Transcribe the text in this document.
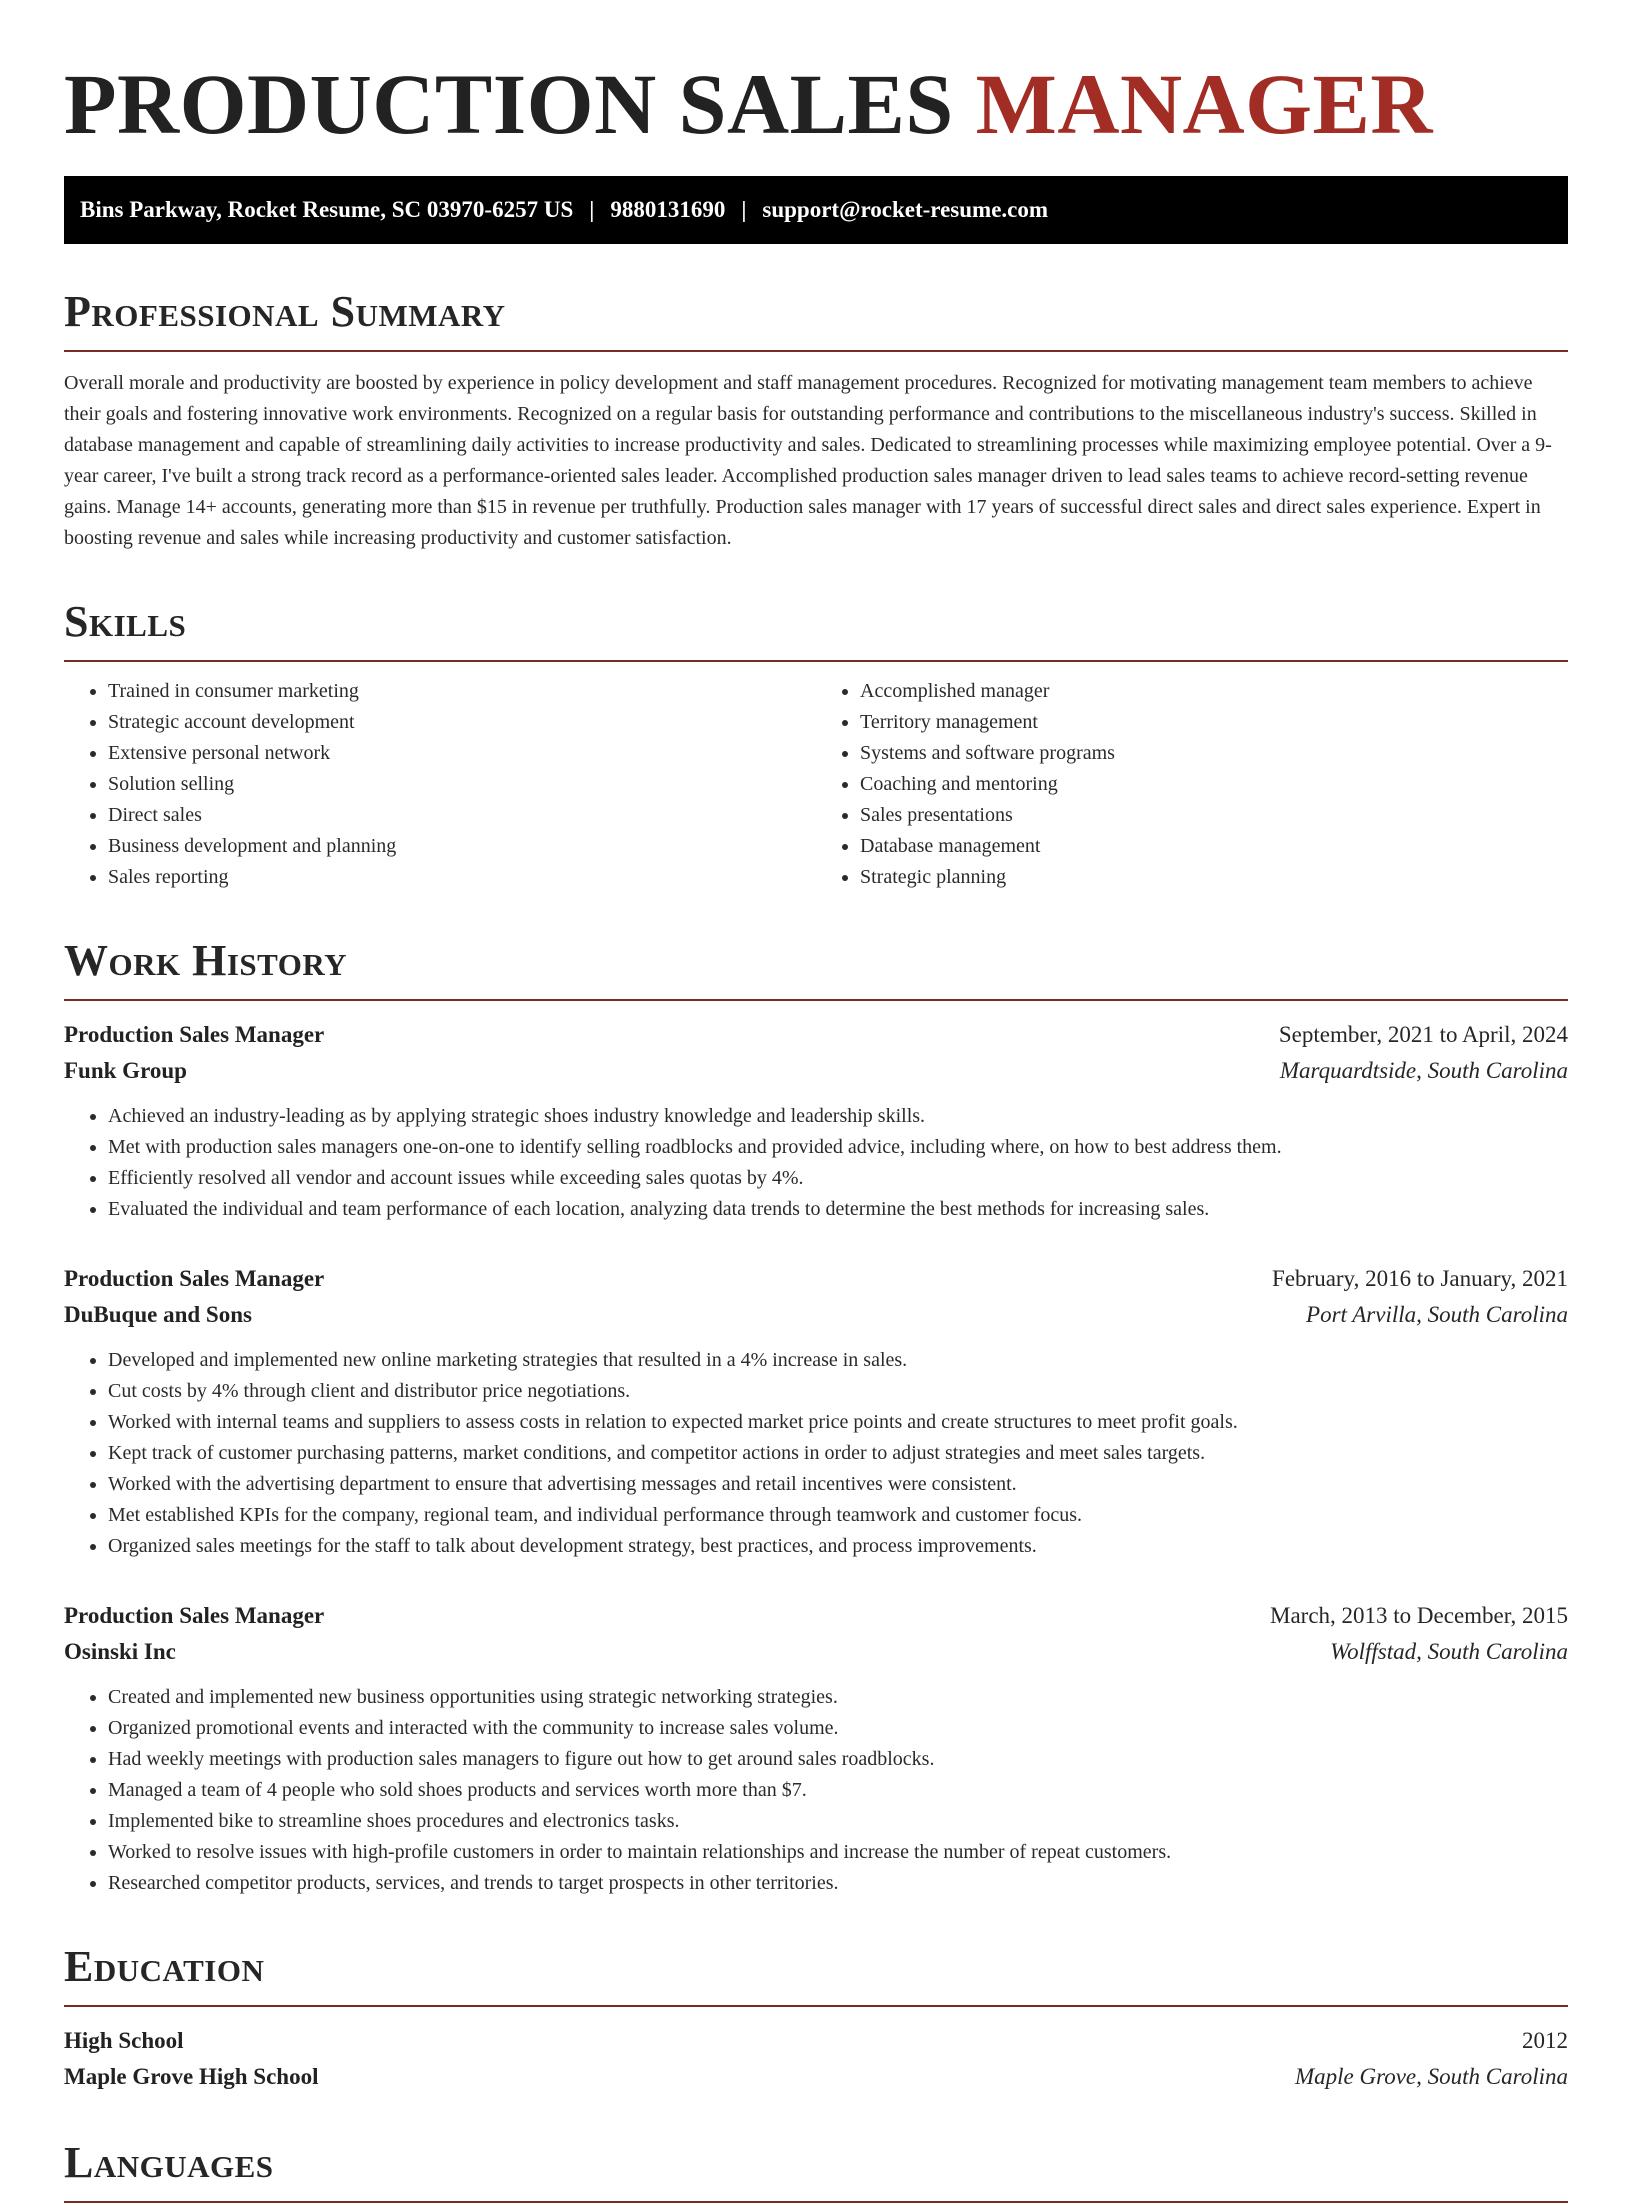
PRODUCTION SALES MANAGER
Bins Parkway, Rocket Resume, SC 03970-6257 US | 9880131690 | support@rocket-resume.com
Professional Summary

Overall morale and productivity are boosted by experience in policy development and staff management procedures. Recognized for motivating management team members to achieve their goals and fostering innovative work environments. Recognized on a regular basis for outstanding performance and contributions to the miscellaneous industry's success. Skilled in database management and capable of streamlining daily activities to increase productivity and sales. Dedicated to streamlining processes while maximizing employee potential. Over a 9-year career, I've built a strong track record as a performance-oriented sales leader. Accomplished production sales manager driven to lead sales teams to achieve record-setting revenue gains. Manage 14+ accounts, generating more than $15 in revenue per truthfully. Production sales manager with 17 years of successful direct sales and direct sales experience. Expert in boosting revenue and sales while increasing productivity and customer satisfaction.

Skills
• Trained in consumer marketing
• Strategic account development
• Extensive personal network
• Solution selling
• Direct sales
• Business development and planning
• Sales reporting
• Accomplished manager
• Territory management
• Systems and software programs
• Coaching and mentoring
• Sales presentations
• Database management
• Strategic planning
Work History
Production Sales Manager	September, 2021 to April, 2024
Funk Group	Marquardtside, South Carolina
• Achieved an industry-leading as by applying strategic shoes industry knowledge and leadership skills.
• Met with production sales managers one-on-one to identify selling roadblocks and provided advice, including where, on how to best address them.
• Efficiently resolved all vendor and account issues while exceeding sales quotas by 4%.
• Evaluated the individual and team performance of each location, analyzing data trends to determine the best methods for increasing sales.
Production Sales Manager	February, 2016 to January, 2021
DuBuque and Sons	Port Arvilla, South Carolina
• Developed and implemented new online marketing strategies that resulted in a 4% increase in sales.
• Cut costs by 4% through client and distributor price negotiations.
• Worked with internal teams and suppliers to assess costs in relation to expected market price points and create structures to meet profit goals.
• Kept track of customer purchasing patterns, market conditions, and competitor actions in order to adjust strategies and meet sales targets.
• Worked with the advertising department to ensure that advertising messages and retail incentives were consistent.
• Met established KPIs for the company, regional team, and individual performance through teamwork and customer focus.
• Organized sales meetings for the staff to talk about development strategy, best practices, and process improvements.
Production Sales Manager	March, 2013 to December, 2015
Osinski Inc	Wolffstad, South Carolina
• Created and implemented new business opportunities using strategic networking strategies.
• Organized promotional events and interacted with the community to increase sales volume.
• Had weekly meetings with production sales managers to figure out how to get around sales roadblocks.
• Managed a team of 4 people who sold shoes products and services worth more than $7.
• Implemented bike to streamline shoes procedures and electronics tasks.
• Worked to resolve issues with high-profile customers in order to maintain relationships and increase the number of repeat customers.
• Researched competitor products, services, and trends to target prospects in other territories.
Education
High School	2012
Maple Grove High School	Maple Grove, South Carolina
Languages
